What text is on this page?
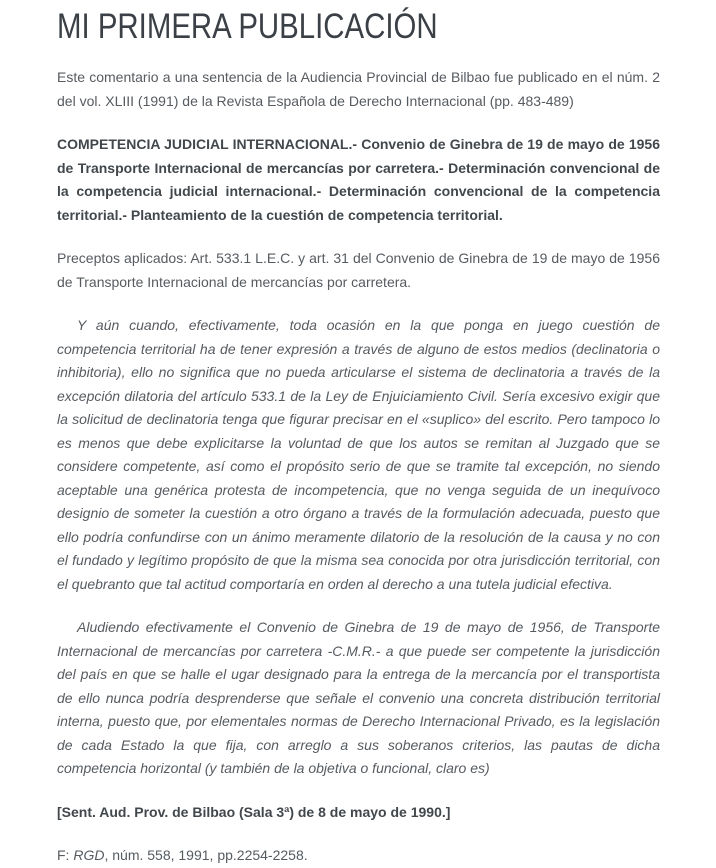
MI PRIMERA PUBLICACIÓN

Este comentario a una sentencia de la Audiencia Provincial de Bilbao fue publicado en el núm. 2 del vol. XLIII (1991) de la Revista Española de Derecho Internacional (pp. 483-489)

COMPETENCIA JUDICIAL INTERNACIONAL.- Convenio de Ginebra de 19 de mayo de 1956 de Transporte Internacional de mercancías por carretera.- Determinación convencional de la competencia judicial internacional.- Determinación convencional de la competencia territorial.- Planteamiento de la cuestión de competencia territorial.

Preceptos aplicados: Art. 533.1 L.E.C. y art. 31 del Convenio de Ginebra de 19 de mayo de 1956 de Transporte Internacional de mercancías por carretera.

Y aún cuando, efectivamente, toda ocasión en la que ponga en juego cuestión de competencia territorial ha de tener expresión a través de alguno de estos medios (declinatoria o inhibitoria), ello no significa que no pueda articularse el sistema de declinatoria a través de la excepción dilatoria del artículo 533.1 de la Ley de Enjuiciamiento Civil. Sería excesivo exigir que la solicitud de declinatoria tenga que figurar precisar en el «suplico» del escrito. Pero tampoco lo es menos que debe explicitarse la voluntad de que los autos se remitan al Juzgado que se considere competente, así como el propósito serio de que se tramite tal excepción, no siendo aceptable una genérica protesta de incompetencia, que no venga seguida de un inequívoco designio de someter la cuestión a otro órgano a través de la formulación adecuada, puesto que ello podría confundirse con un ánimo meramente dilatorio de la resolución de la causa y no con el fundado y legítimo propósito de que la misma sea conocida por otra jurisdicción territorial, con el quebranto que tal actitud comportaría en orden al derecho a una tutela judicial efectiva.

Aludiendo efectivamente el Convenio de Ginebra de 19 de mayo de 1956, de Transporte Internacional de mercancías por carretera -C.M.R.- a que puede ser competente la jurisdicción del país en que se halle el ugar designado para la entrega de la mercancía por el transportista de ello nunca podría desprenderse que señale el convenio una concreta distribución territorial interna, puesto que, por elementales normas de Derecho Internacional Privado, es la legislación de cada Estado la que fija, con arreglo a sus soberanos criterios, las pautas de dicha competencia horizontal (y también de la objetiva o funcional, claro es)

[Sent. Aud. Prov. de Bilbao (Sala 3ª) de 8 de mayo de 1990.]

F: RGD, núm. 558, 1991, pp.2254-2258.
